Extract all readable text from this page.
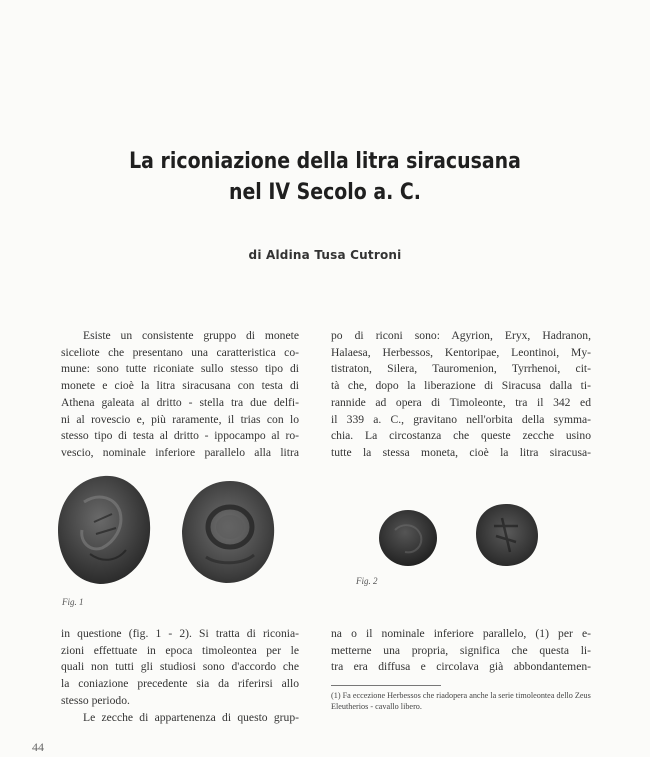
La riconiazione della litra siracusana
nel IV Secolo a. C.
di Aldina Tusa Cutroni
Esiste un consistente gruppo di monete
siceliote che presentano una caratteristica co-
mune: sono tutte riconiate sullo stesso tipo di
monete e cioè la litra siracusana con testa di
Athena galeata al dritto - stella tra due delfi-
ni al rovescio e, più raramente, il trias con lo
stesso tipo di testa al dritto - ippocampo al ro-
vescio, nominale inferiore parallelo alla litra
po di riconi sono: Agyrion, Eryx, Hadranon,
Halaesa, Herbessos, Kentoripae, Leontinoi, My-
tistraton, Silera, Tauromenion, Tyrrhenoi, cit-
tà che, dopo la liberazione di Siracusa dalla ti-
rannide ad opera di Timoleonte, tra il 342 ed
il 339 a. C., gravitano nell'orbita della symma-
chia. La circostanza che queste zecche usino
tutte la stessa moneta, cioè la litra siracusa-
Fig. 1
Fig. 2
in questione (fig. 1 - 2). Si tratta di riconia-
zioni effettuate in epoca timoleontea per le
quali non tutti gli studiosi sono d'accordo che
la coniazione precedente sia da riferirsi allo
stesso periodo.
Le zecche di appartenenza di questo grup-
na o il nominale inferiore parallelo, (1) per e-
metterne una propria, significa che questa li-
tra era diffusa e circolava già abbondantemen-
(1) Fa eccezione Herbessos che riadopera anche la serie timoleontea dello Zeus Eleutherios - cavallo libero.
44
